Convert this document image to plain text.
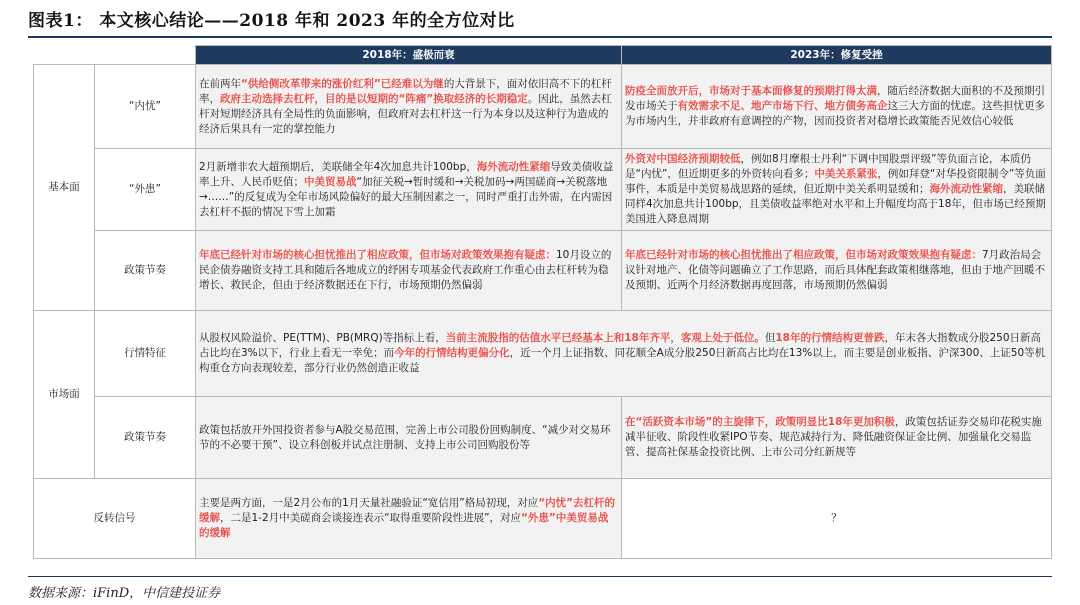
图表1： 本文核心结论——2018 年和 2023 年的全方位对比
		2018年：盛极而衰	2023年：修复受挫
基本面	“内忧”	在前两年“供给侧改革带来的涨价红利”已经难以为继的大背景下，面对依旧高不下的杠杆率，政府主动选择去杠杆，目的是以短期的“阵痛”换取经济的长期稳定。因此，虽然去杠杆对短期经济具有全局性的负面影响，但政府对去杠杆这一行为本身以及这种行为造成的经济后果具有一定的掌控能力	防疫全面放开后，市场对于基本面修复的预期打得太满，随后经济数据大面积的不及预期引发市场关于有效需求不足、地产市场下行、地方债务高企这三大方面的忧虑。这些担忧更多为市场内生，并非政府有意调控的产物，因而投资者对稳增长政策能否见效信心较低
	“外患”	2月新增非农大超预期后，美联储全年4次加息共计100bp，海外流动性紧缩导致美债收益率上升、人民币贬值；中美贸易战“加征关税→暂时缓和→关税加码→两国磋商→关税落地→……”的反复成为全年市场风险偏好的最大压制因素之一，同时严重打击外需，在内需因去杠杆不振的情况下雪上加霜	外资对中国经济预期较低，例如8月摩根士丹利“下调中国股票评级”等负面言论，本质仍是“内忧”，但近期更多的外资转向看多；中美关系紧张，例如拜登“对华投资限制令”等负面事件，本质是中美贸易战思路的延续，但近期中美关系明显缓和；海外流动性紧缩，美联储同样4次加息共计100bp，且美债收益率绝对水平和上升幅度均高于18年，但市场已经预期美国进入降息周期
	政策节奏	年底已经针对市场的核心担忧推出了相应政策，但市场对政策效果抱有疑虑：10月设立的民企债券融资支持工具和随后各地成立的纾困专项基金代表政府工作重心由去杠杆转为稳增长、救民企，但由于经济数据还在下行，市场预期仍然偏弱	年底已经针对市场的核心担忧推出了相应政策，但市场对政策效果抱有疑虑：7月政治局会议针对地产、化债等问题确立了工作思路，而后具体配套政策相继落地，但由于地产回暖不及预期、近两个月经济数据再度回落，市场预期仍然偏弱
市场面	行情特征	从股权风险溢价、PE(TTM)、PB(MRQ)等指标上看，当前主流股指的估值水平已经基本上和18年齐平，客观上处于低位。但18年的行情结构更普跌，年末各大指数成分股250日新高占比均在3%以下，行业上看无一幸免；而今年的行情结构更偏分化，近一个月上证指数、同花顺全A成分股250日新高占比均在13%以上，而主要是创业板指、沪深300、上证50等机构重仓方向表现较差，部分行业仍然创造正收益	
	政策节奏	政策包括放开外国投资者参与A股交易范围、完善上市公司股份回购制度、“减少对交易环节的不必要干预”、设立科创板并试点注册制、支持上市公司回购股份等	在“活跃资本市场”的主旋律下，政策明显比18年更加积极，政策包括证券交易印花税实施减半征收、阶段性收紧IPO节奏、规范减持行为、降低融资保证金比例、加强量化交易监管、提高社保基金投资比例、上市公司分红新规等
反转信号		主要是两方面，一是2月公布的1月天量社融验证“宽信用”格局初现，对应“内忧”去杠杆的缓解，二是1-2月中美磋商会谈接连表示“取得重要阶段性进展”，对应“外患”中美贸易战的缓解	？
数据来源：iFinD，中信建投证券
